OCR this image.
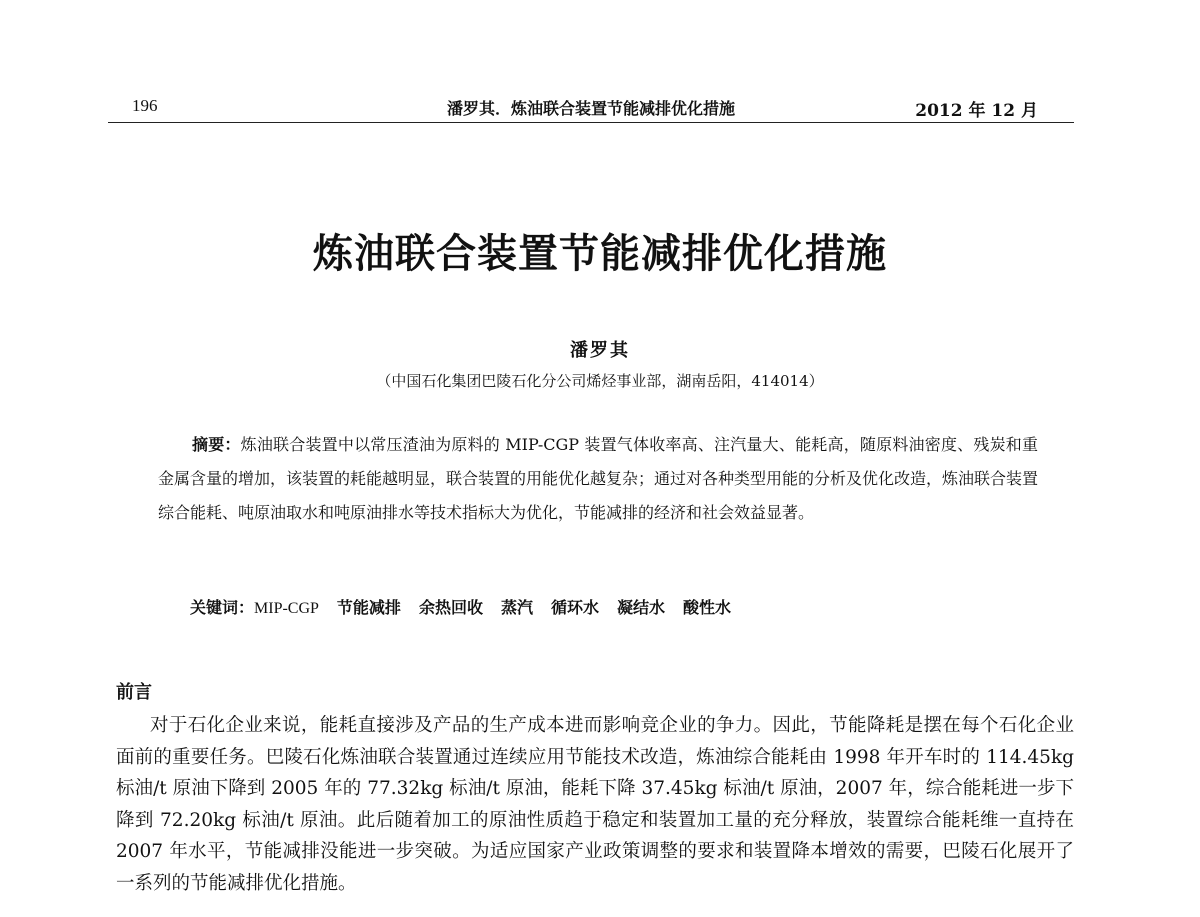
196	潘罗其．炼油联合装置节能减排优化措施	2012 年 12 月
炼油联合装置节能减排优化措施
潘罗其
（中国石化集团巴陵石化分公司烯烃事业部，湖南岳阳，414014）
摘要：炼油联合装置中以常压渣油为原料的 MIP-CGP 装置气体收率高、注汽量大、能耗高，随原料油密度、残炭和重金属含量的增加，该装置的耗能越明显，联合装置的用能优化越复杂；通过对各种类型用能的分析及优化改造，炼油联合装置综合能耗、吨原油取水和吨原油排水等技术指标大为优化，节能减排的经济和社会效益显著。
关键词：MIP-CGP 节能减排 余热回收 蒸汽 循环水 凝结水 酸性水
前言
对于石化企业来说，能耗直接涉及产品的生产成本进而影响竞企业的争力。因此，节能降耗是摆在每个石化企业面前的重要任务。巴陵石化炼油联合装置通过连续应用节能技术改造，炼油综合能耗由 1998 年开车时的 114.45kg 标油/t 原油下降到 2005 年的 77.32kg 标油/t 原油，能耗下降 37.45kg 标油/t 原油，2007 年，综合能耗进一步下降到 72.20kg 标油/t 原油。此后随着加工的原油性质趋于稳定和装置加工量的充分释放，装置综合能耗维一直持在 2007 年水平，节能减排没能进一步突破。为适应国家产业政策调整的要求和装置降本增效的需要，巴陵石化展开了一系列的节能减排优化措施。
